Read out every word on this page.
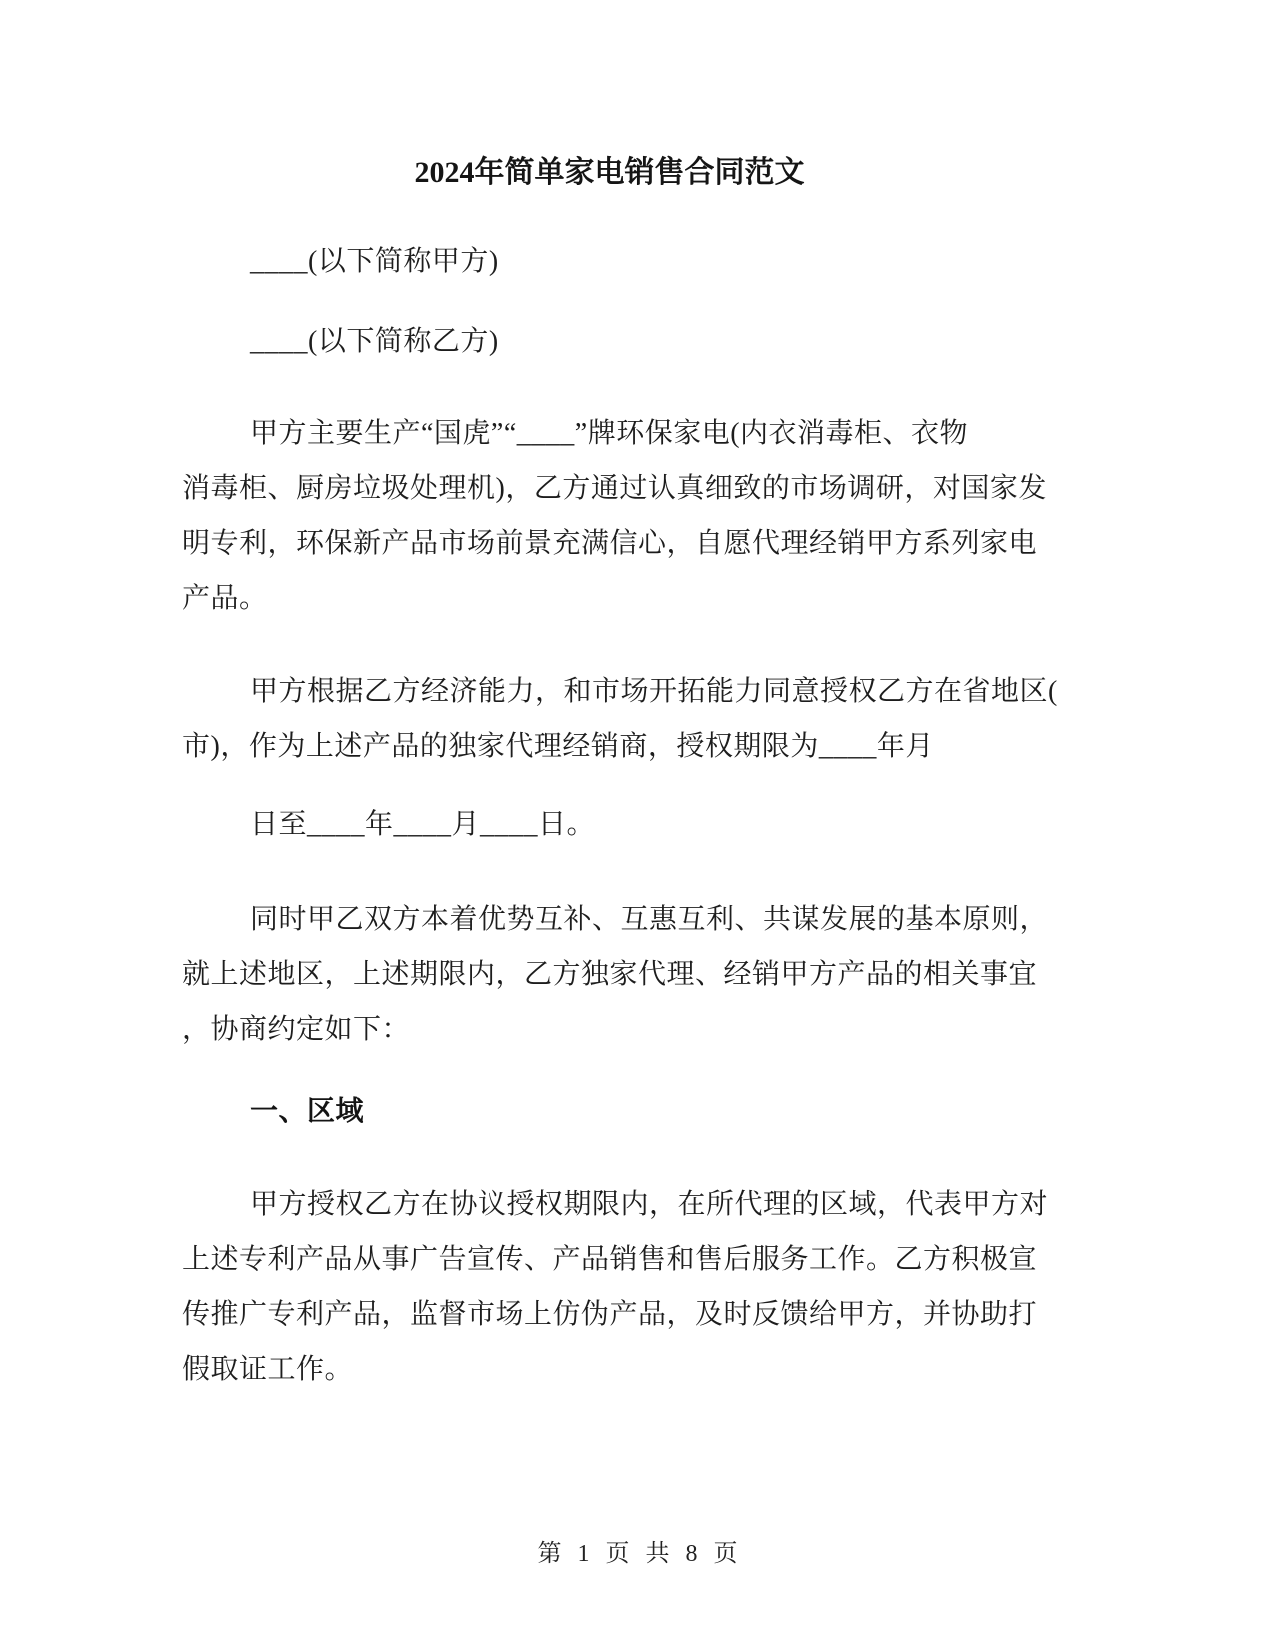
2024年简单家电销售合同范文
____(以下简称甲方)
____(以下简称乙方)
甲方主要生产“国虎”“____”牌环保家电(内衣消毒柜、衣物
消毒柜、厨房垃圾处理机)，乙方通过认真细致的市场调研，对国家发
明专利，环保新产品市场前景充满信心，自愿代理经销甲方系列家电
产品。
甲方根据乙方经济能力，和市场开拓能力同意授权乙方在省地区(
市)，作为上述产品的独家代理经销商，授权期限为____年月
日至____年____月____日。
同时甲乙双方本着优势互补、互惠互利、共谋发展的基本原则，
就上述地区，上述期限内，乙方独家代理、经销甲方产品的相关事宜
，协商约定如下：
一、区域
甲方授权乙方在协议授权期限内，在所代理的区域，代表甲方对
上述专利产品从事广告宣传、产品销售和售后服务工作。乙方积极宣
传推广专利产品，监督市场上仿伪产品，及时反馈给甲方，并协助打
假取证工作。
第 1 页 共 8 页
